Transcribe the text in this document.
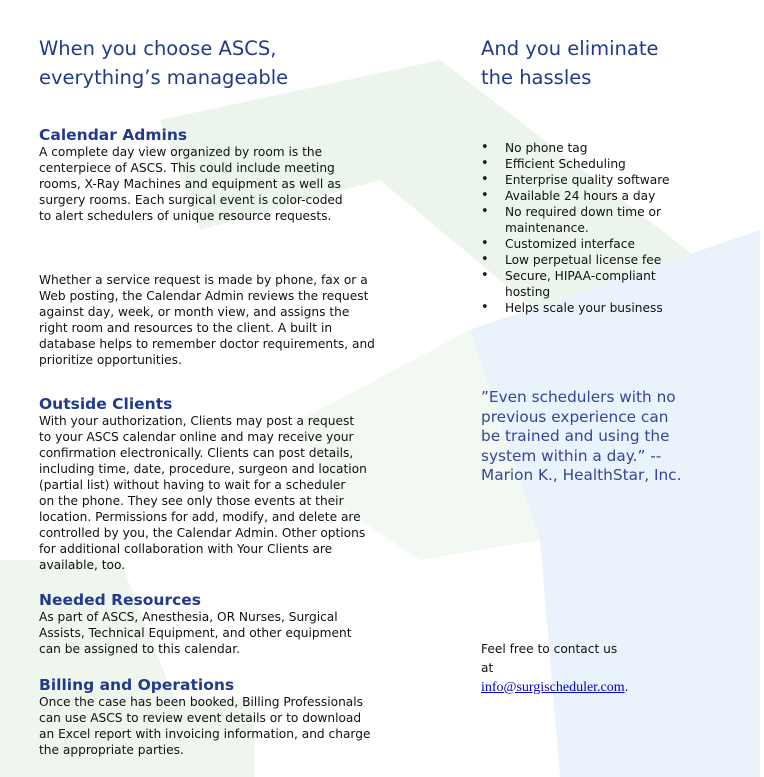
When you choose ASCS,
everything’s manageable
Calendar Admins

A complete day view organized by room is the
centerpiece of ASCS. This could include meeting
rooms, X-Ray Machines and equipment as well as
surgery rooms. Each surgical event is color-coded
to alert schedulers of unique resource requests.

Whether a service request is made by phone, fax or a
Web posting, the Calendar Admin reviews the request
against day, week, or month view, and assigns the
right room and resources to the client. A built in
database helps to remember doctor requirements, and
prioritize opportunities.

Outside Clients

With your authorization, Clients may post a request
to your ASCS calendar online and may receive your
confirmation electronically. Clients can post details,
including time, date, procedure, surgeon and location
(partial list) without having to wait for a scheduler
on the phone. They see only those events at their
location. Permissions for add, modify, and delete are
controlled by you, the Calendar Admin. Other options
for additional collaboration with Your Clients are
available, too.

Needed Resources

As part of ASCS, Anesthesia, OR Nurses, Surgical
Assists, Technical Equipment, and other equipment
can be assigned to this calendar.

Billing and Operations

Once the case has been booked, Billing Professionals
can use ASCS to review event details or to download
an Excel report with invoicing information, and charge
the appropriate parties.

And you eliminate
the hassles
• No phone tag
• Efficient Scheduling
• Enterprise quality software
• Available 24 hours a day
• No required down time or
maintenance.
• Customized interface
• Low perpetual license fee
• Secure, HIPAA-compliant
hosting
• Helps scale your business

”Even schedulers with no
previous experience can
be trained and using the
system within a day.” --
Marion K., HealthStar, Inc.

Feel free to contact us
at
info@surgischeduler.com.
